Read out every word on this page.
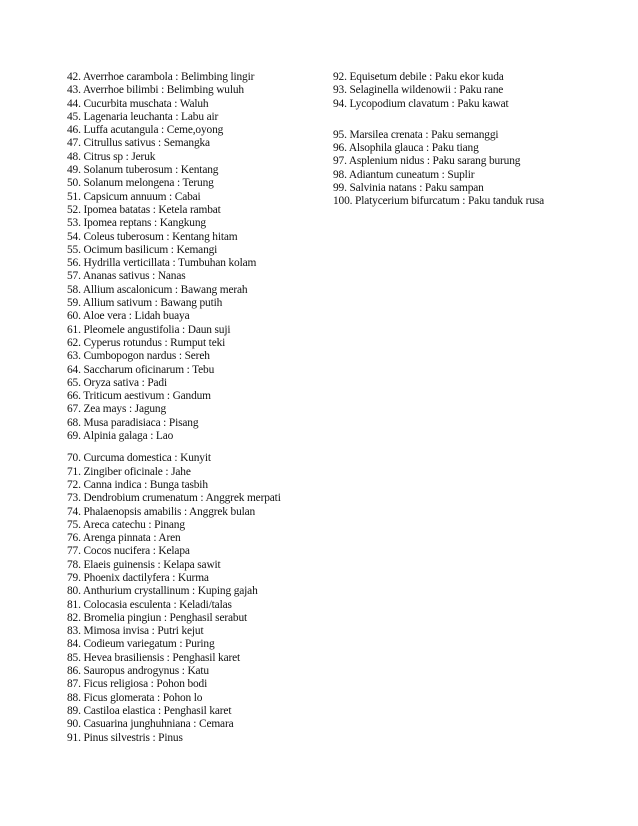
42. Averrhoe carambola : Belimbing lingir
43. Averrhoe bilimbi : Belimbing wuluh
44. Cucurbita muschata : Waluh
45. Lagenaria leuchanta : Labu air
46. Luffa acutangula : Ceme,oyong
47. Citrullus sativus : Semangka
48. Citrus sp : Jeruk
49. Solanum tuberosum : Kentang
50. Solanum melongena : Terung
51. Capsicum annuum : Cabai
52. Ipomea batatas : Ketela rambat
53. Ipomea reptans : Kangkung
54. Coleus tuberosum : Kentang hitam
55. Ocimum basilicum : Kemangi
56. Hydrilla verticillata : Tumbuhan kolam
57. Ananas sativus : Nanas
58. Allium ascalonicum : Bawang merah
59. Allium sativum : Bawang putih
60. Aloe vera : Lidah buaya
61. Pleomele angustifolia : Daun suji
62. Cyperus rotundus : Rumput teki
63. Cumbopogon nardus : Sereh
64. Saccharum oficinarum : Tebu
65. Oryza sativa : Padi
66. Triticum aestivum : Gandum
67. Zea mays : Jagung
68. Musa paradisiaca : Pisang
69. Alpinia galaga : Lao
70. Curcuma domestica : Kunyit
71. Zingiber oficinale : Jahe
72. Canna indica : Bunga tasbih
73. Dendrobium crumenatum : Anggrek merpati
74. Phalaenopsis amabilis : Anggrek bulan
75. Areca catechu : Pinang
76. Arenga pinnata : Aren
77. Cocos nucifera : Kelapa
78. Elaeis guinensis : Kelapa sawit
79. Phoenix dactilyfera : Kurma
80. Anthurium crystallinum : Kuping gajah
81. Colocasia esculenta : Keladi/talas
82. Bromelia pingiun : Penghasil serabut
83. Mimosa invisa : Putri kejut
84. Codieum variegatum : Puring
85. Hevea brasiliensis : Penghasil karet
86. Sauropus androgynus : Katu
87. Ficus religiosa : Pohon bodi
88. Ficus glomerata : Pohon lo
89. Castiloa elastica : Penghasil karet
90. Casuarina junghuhniana : Cemara
91. Pinus silvestris : Pinus
92. Equisetum debile : Paku ekor kuda
93. Selaginella wildenowii : Paku rane
94. Lycopodium clavatum : Paku kawat
95. Marsilea crenata : Paku semanggi
96. Alsophila glauca : Paku tiang
97. Asplenium nidus : Paku sarang burung
98. Adiantum cuneatum : Suplir
99. Salvinia natans : Paku sampan
100. Platycerium bifurcatum : Paku tanduk rusa
